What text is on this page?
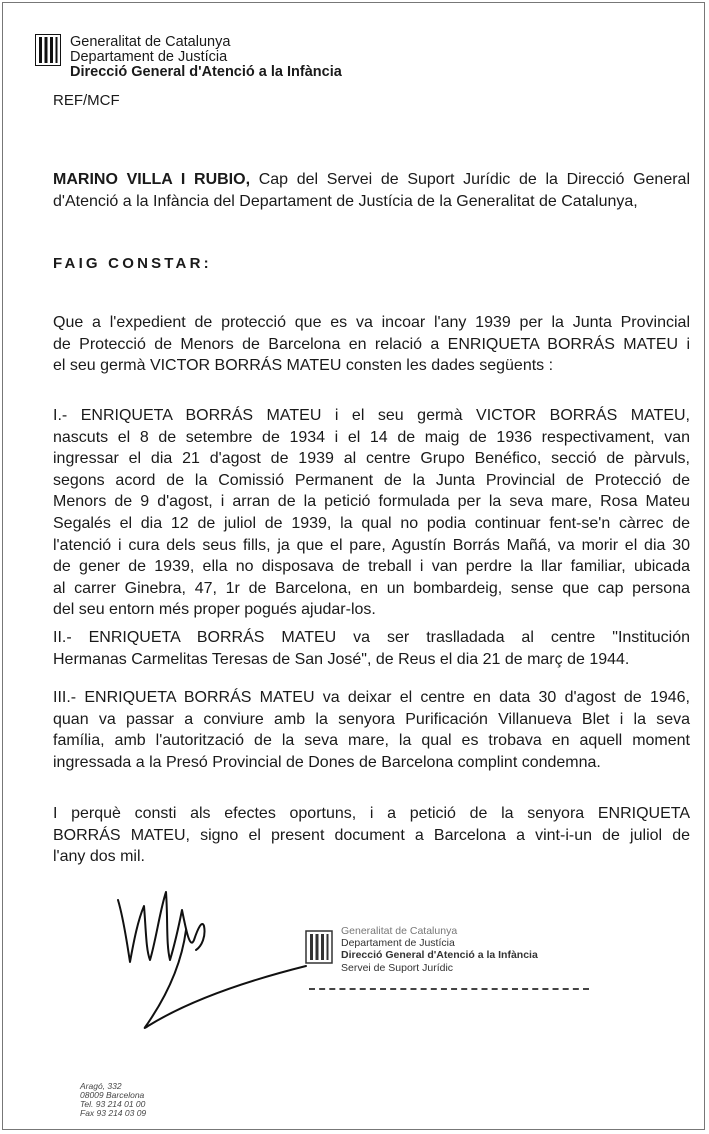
Generalitat de Catalunya
Departament de Justícia
Direcció General d'Atenció a la Infància
REF/MCF
MARINO VILLA I RUBIO, Cap del Servei de Suport Jurídic de la Direcció General
d'Atenció a la Infància del Departament de Justícia de la Generalitat de Catalunya,
FAIG CONSTAR:
Que a l'expedient de protecció que es va incoar l'any 1939 per la Junta Provincial
de Protecció de Menors de Barcelona en relació a ENRIQUETA BORRÁS MATEU i
el seu germà VICTOR BORRÁS MATEU consten les dades següents :
I.- ENRIQUETA BORRÁS MATEU i el seu germà VICTOR BORRÁS MATEU,
nascuts el 8 de setembre de 1934 i el 14 de maig de 1936 respectivament, van
ingressar el dia 21 d'agost de 1939 al centre Grupo Benéfico, secció de pàrvuls,
segons acord de la Comissió Permanent de la Junta Provincial de Protecció de
Menors de 9 d'agost, i arran de la petició formulada per la seva mare, Rosa Mateu
Segalés el dia 12 de juliol de 1939, la qual no podia continuar fent-se'n càrrec de
l'atenció i cura dels seus fills, ja que el pare, Agustín Borrás Mañá, va morir el dia 30
de gener de 1939, ella no disposava de treball i van perdre la llar familiar, ubicada
al carrer Ginebra, 47, 1r de Barcelona, en un bombardeig, sense que cap persona
del seu entorn més proper pogués ajudar-los.
II.- ENRIQUETA BORRÁS MATEU va ser traslladada al centre "Institución
Hermanas Carmelitas Teresas de San José", de Reus el dia 21 de març de 1944.
III.- ENRIQUETA BORRÁS MATEU va deixar el centre en data 30 d'agost de 1946,
quan va passar a conviure amb la senyora Purificación Villanueva Blet i la seva
família, amb l'autorització de la seva mare, la qual es trobava en aquell moment
ingressada a la Presó Provincial de Dones de Barcelona complint condemna.
I perquè consti als efectes oportuns, i a petició de la senyora ENRIQUETA
BORRÁS MATEU, signo el present document a Barcelona a vint-i-un de juliol de
l'any dos mil.
Generalitat de Catalunya
Departament de Justícia
Direcció General d'Atenció a la Infància
Servei de Suport Jurídic
Aragó, 332
08009 Barcelona
Tel. 93 214 01 00
Fax 93 214 03 09
